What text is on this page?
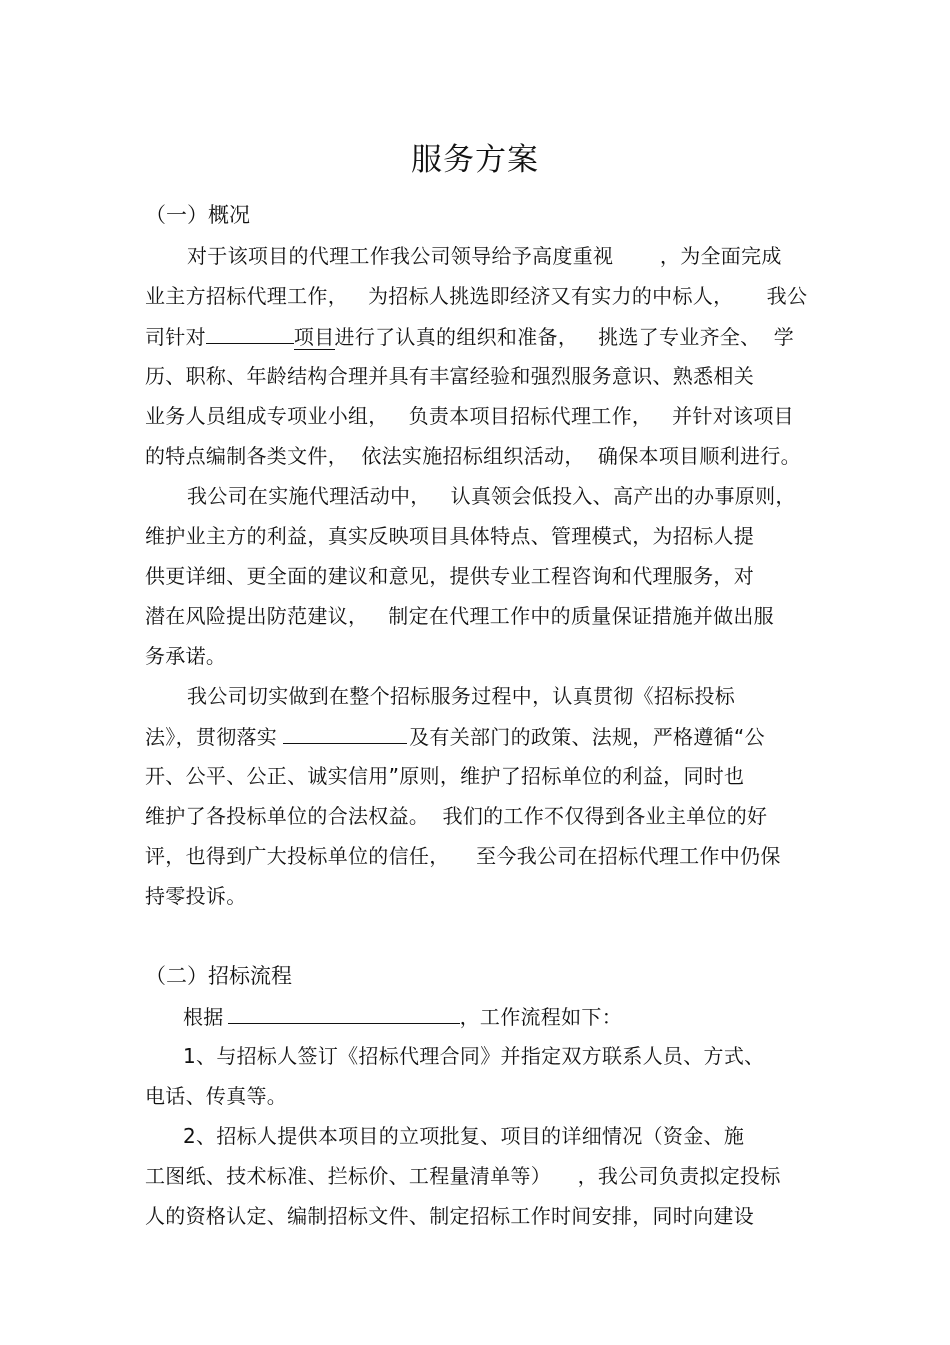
服务方案
（一）概况
对于该项目的代理工作我公司领导给予高度重视       ，为全面完成
业主方招标代理工作，   为招标人挑选即经济又有实力的中标人，     我公
司针对	项目进行了认真的组织和准备，   挑选了专业齐全、  学
历、职称、年龄结构合理并具有丰富经验和强烈服务意识、熟悉相关
业务人员组成专项业小组，   负责本项目招标代理工作，   并针对该项目
的特点编制各类文件，  依法实施招标组织活动，  确保本项目顺利进行。
我公司在实施代理活动中，   认真领会低投入、高产出的办事原则，
维护业主方的利益，真实反映项目具体特点、管理模式，为招标人提
供更详细、更全面的建议和意见，提供专业工程咨询和代理服务，对
潜在风险提出防范建议，   制定在代理工作中的质量保证措施并做出服
务承诺。
我公司切实做到在整个招标服务过程中，认真贯彻《招标投标
法》，贯彻落实	及有关部门的政策、法规，严格遵循“公
开、公平、公正、诚实信用”原则，维护了招标单位的利益，同时也
维护了各投标单位的合法权益。  我们的工作不仅得到各业主单位的好
评，也得到广大投标单位的信任，    至今我公司在招标代理工作中仍保
持零投诉。
（二）招标流程
根据	，工作流程如下：
1、与招标人签订《招标代理合同》并指定双方联系人员、方式、
电话、传真等。
2、招标人提供本项目的立项批复、项目的详细情况（资金、施
工图纸、技术标准、拦标价、工程量清单等）    ，我公司负责拟定投标
人的资格认定、编制招标文件、制定招标工作时间安排，同时向建设
